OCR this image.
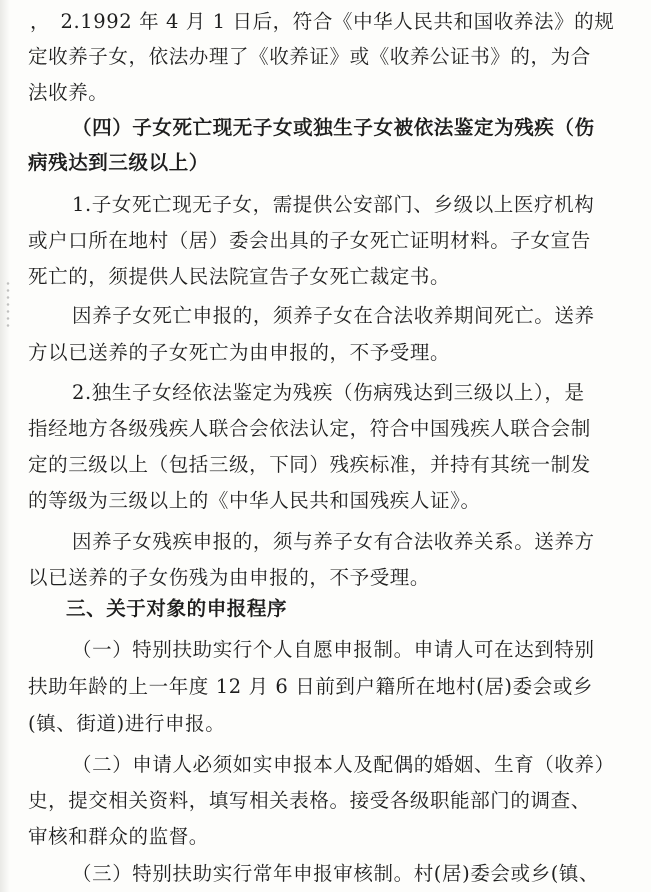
，　2.1992 年 4 月 1 日后，符合《中华人民共和国收养法》的规
定收养子女，依法办理了《收养证》或《收养公证书》的，为合
法收养。
（四）子女死亡现无子女或独生子女被依法鉴定为残疾（伤
病残达到三级以上）
1.子女死亡现无子女，需提供公安部门、乡级以上医疗机构
或户口所在地村（居）委会出具的子女死亡证明材料。子女宣告
死亡的，须提供人民法院宣告子女死亡裁定书。
因养子女死亡申报的，须养子女在合法收养期间死亡。送养
方以已送养的子女死亡为由申报的，不予受理。
2.独生子女经依法鉴定为残疾（伤病残达到三级以上），是
指经地方各级残疾人联合会依法认定，符合中国残疾人联合会制
定的三级以上（包括三级，下同）残疾标准，并持有其统一制发
的等级为三级以上的《中华人民共和国残疾人证》。
因养子女残疾申报的，须与养子女有合法收养关系。送养方
以已送养的子女伤残为由申报的，不予受理。
三、关于对象的申报程序
（一）特别扶助实行个人自愿申报制。申请人可在达到特别
扶助年龄的上一年度 12 月 6 日前到户籍所在地村(居)委会或乡
(镇、街道)进行申报。
（二）申请人必须如实申报本人及配偶的婚姻、生育（收养）
史，提交相关资料，填写相关表格。接受各级职能部门的调查、
审核和群众的监督。
（三）特别扶助实行常年申报审核制。村(居)委会或乡(镇、
